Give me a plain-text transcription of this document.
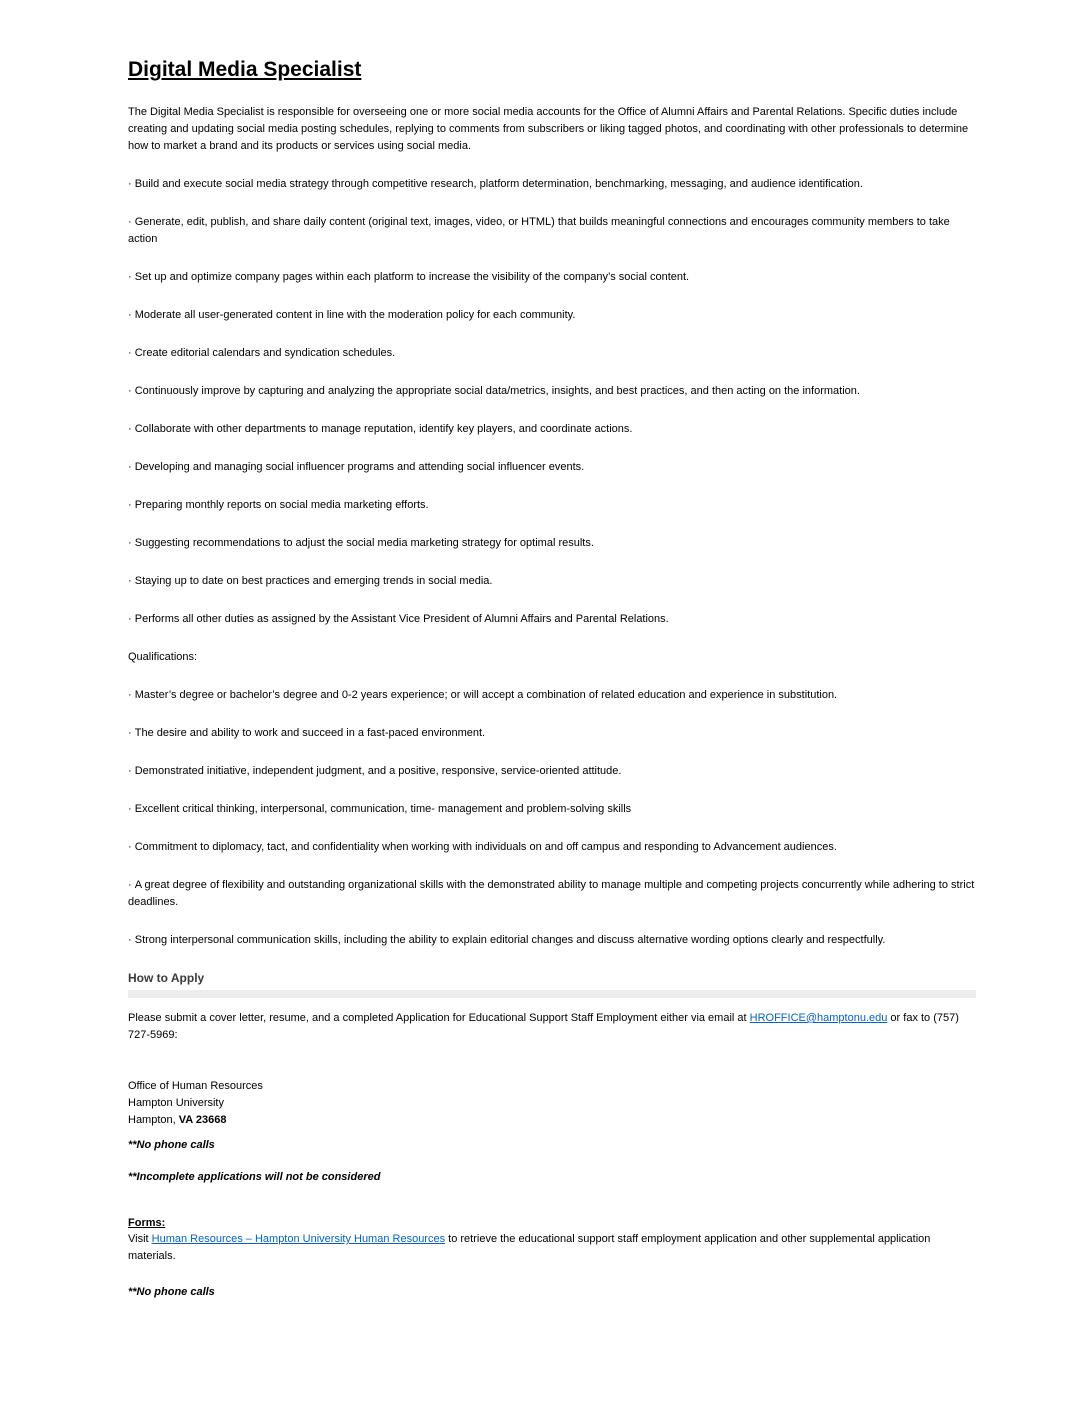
Digital Media Specialist

The Digital Media Specialist is responsible for overseeing one or more social media accounts for the Office of Alumni Affairs and Parental Relations. Specific duties include creating and updating social media posting schedules, replying to comments from subscribers or liking tagged photos, and coordinating with other professionals to determine how to market a brand and its products or services using social media.

· Build and execute social media strategy through competitive research, platform determination, benchmarking, messaging, and audience identification.

· Generate, edit, publish, and share daily content (original text, images, video, or HTML) that builds meaningful connections and encourages community members to take action

· Set up and optimize company pages within each platform to increase the visibility of the company’s social content.

· Moderate all user-generated content in line with the moderation policy for each community.

· Create editorial calendars and syndication schedules.

· Continuously improve by capturing and analyzing the appropriate social data/metrics, insights, and best practices, and then acting on the information.

· Collaborate with other departments to manage reputation, identify key players, and coordinate actions.

· Developing and managing social influencer programs and attending social influencer events.

· Preparing monthly reports on social media marketing efforts.

· Suggesting recommendations to adjust the social media marketing strategy for optimal results.

· Staying up to date on best practices and emerging trends in social media.

· Performs all other duties as assigned by the Assistant Vice President of Alumni Affairs and Parental Relations.

Qualifications:

· Master’s degree or bachelor’s degree and 0-2 years experience; or will accept a combination of related education and experience in substitution.

· The desire and ability to work and succeed in a fast-paced environment.

· Demonstrated initiative, independent judgment, and a positive, responsive, service-oriented attitude.

· Excellent critical thinking, interpersonal, communication, time- management and problem-solving skills

· Commitment to diplomacy, tact, and confidentiality when working with individuals on and off campus and responding to Advancement audiences.

· A great degree of flexibility and outstanding organizational skills with the demonstrated ability to manage multiple and competing projects concurrently while adhering to strict deadlines.

· Strong interpersonal communication skills, including the ability to explain editorial changes and discuss alternative wording options clearly and respectfully.

How to Apply

Please submit a cover letter, resume, and a completed Application for Educational Support Staff Employment either via email at HROFFICE@hamptonu.edu or fax to (757) 727-5969:

Office of Human Resources

Hampton University

Hampton, VA 23668

**No phone calls

**Incomplete applications will not be considered

Forms:

Visit Human Resources – Hampton University Human Resources to retrieve the educational support staff employment application and other supplemental application materials.

**No phone calls
